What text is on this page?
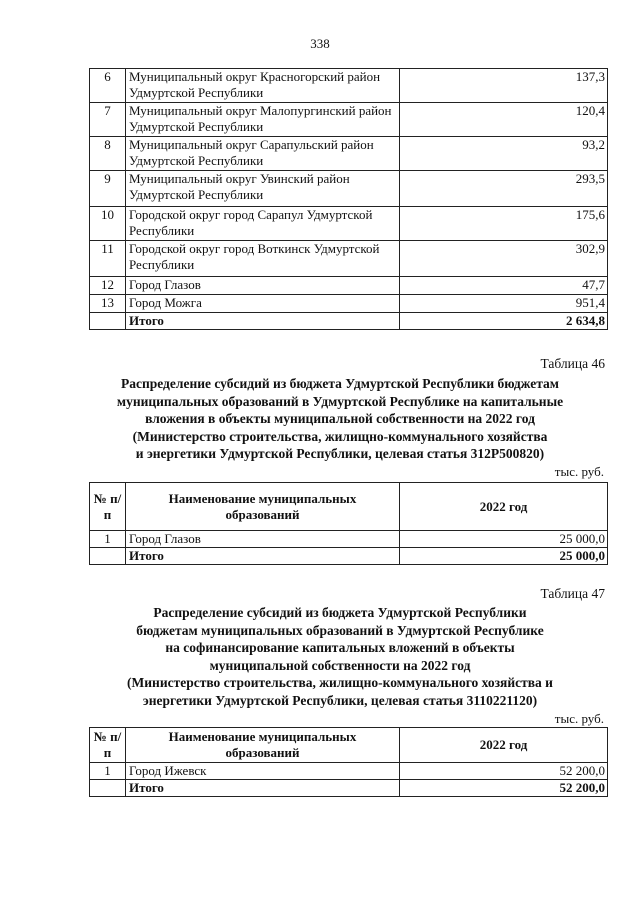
338
6	Муниципальный округ Красногорский район Удмуртской Республики	137,3
7	Муниципальный округ Малопургинский район Удмуртской Республики	120,4
8	Муниципальный округ Сарапульский район Удмуртской Республики	93,2
9	Муниципальный округ Увинский район Удмуртской Республики	293,5
10	Городской округ город Сарапул Удмуртской Республики	175,6
11	Городской округ город Воткинск Удмуртской Республики	302,9
12	Город Глазов	47,7
13	Город Можга	951,4
	Итого	2 634,8
Таблица 46
Распределение субсидий из бюджета Удмуртской Республики бюджетам
муниципальных образований в Удмуртской Республике на капитальные
вложения в объекты муниципальной собственности на 2022 год
(Министерство строительства, жилищно-коммунального хозяйства
и энергетики Удмуртской Республики, целевая статья 312Р500820)
тыс. руб.
№ п/п	Наименование муниципальных образований	2022 год
1	Город Глазов	25 000,0
	Итого	25 000,0
Таблица 47
Распределение субсидий из бюджета Удмуртской Республики
бюджетам муниципальных образований в Удмуртской Республике
на софинансирование капитальных вложений в объекты
муниципальной собственности на 2022 год
(Министерство строительства, жилищно-коммунального хозяйства и
энергетики Удмуртской Республики, целевая статья 3110221120)
тыс. руб.
№ п/п	Наименование муниципальных образований	2022 год
1	Город Ижевск	52 200,0
	Итого	52 200,0
